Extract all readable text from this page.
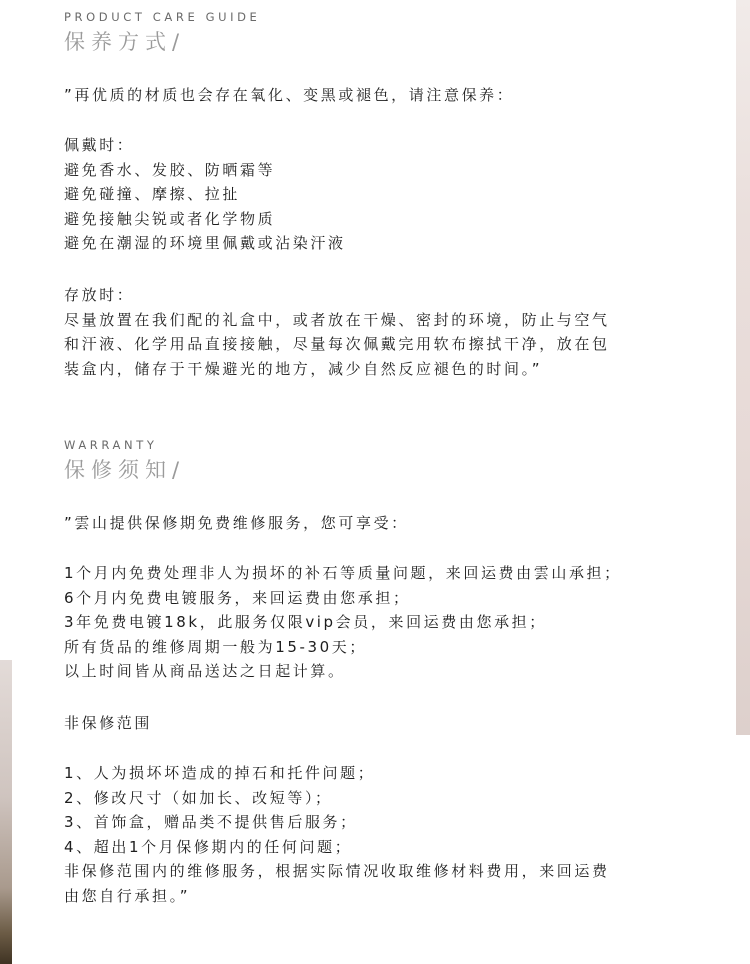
PRODUCT CARE GUIDE
保养方式/

”再优质的材质也会存在氧化、变黑或褪色，请注意保养：

佩戴时：

避免香水、发胶、防晒霜等

避免碰撞、摩擦、拉扯

避免接触尖锐或者化学物质

避免在潮湿的环境里佩戴或沾染汗液

存放时：

尽量放置在我们配的礼盒中，或者放在干燥、密封的环境，防止与空气

和汗液、化学用品直接接触，尽量每次佩戴完用软布擦拭干净，放在包

装盒内，储存于干燥避光的地方，减少自然反应褪色的时间。”

WARRANTY
保修须知/

”雲山提供保修期免费维修服务，您可享受：

1个月内免费处理非人为损坏的补石等质量问题，来回运费由雲山承担；

6个月内免费电镀服务，来回运费由您承担；

3年免费电镀18k，此服务仅限vip会员，来回运费由您承担；

所有货品的维修周期一般为15-30天；

以上时间皆从商品送达之日起计算。

非保修范围

1、人为损坏坏造成的掉石和托件问题；

2、修改尺寸（如加长、改短等）；

3、首饰盒，赠品类不提供售后服务；

4、超出1个月保修期内的任何问题；

非保修范围内的维修服务，根据实际情况收取维修材料费用，来回运费

由您自行承担。”
